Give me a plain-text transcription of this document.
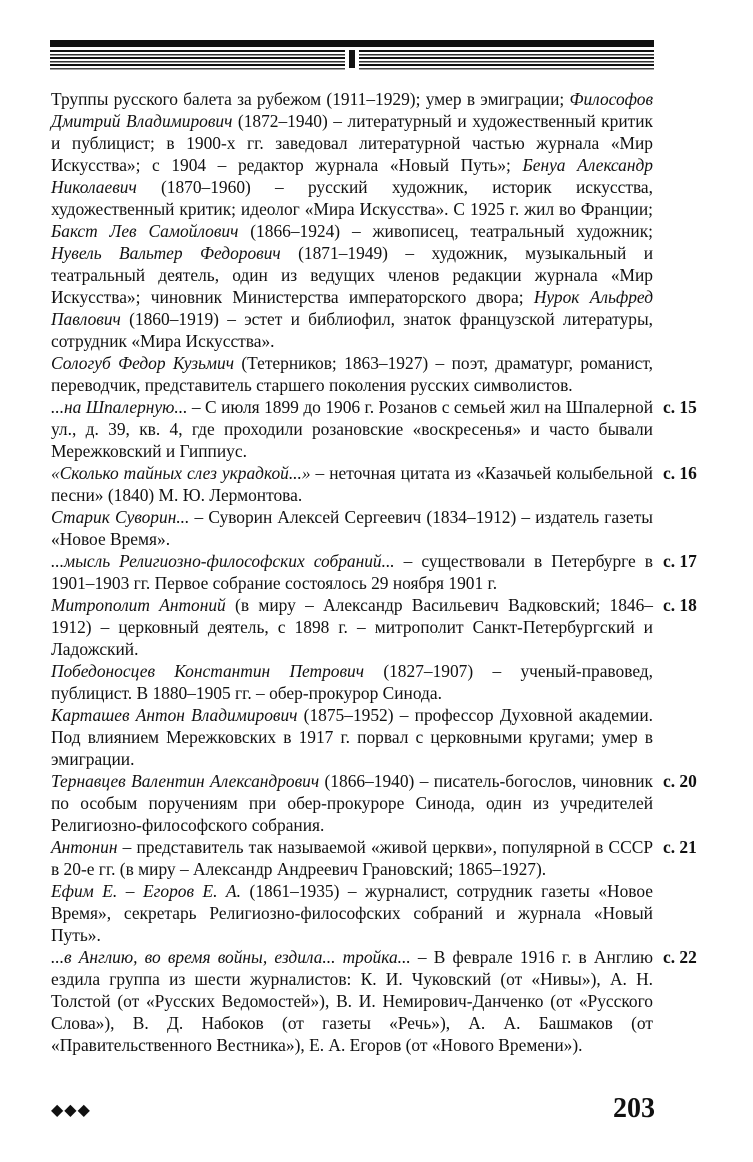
Труппы русского балета за рубежом (1911–1929); умер в эмиграции; Философов Дмитрий Владимирович (1872–1940) – литературный и художественный критик и публицист; в 1900-х гг. заведовал литературной частью журнала «Мир Искусства»; с 1904 – редактор журнала «Новый Путь»; Бенуа Александр Николаевич (1870–1960) – русский художник, историк искусства, художественный критик; идеолог «Мира Искусства». С 1925 г. жил во Франции; Бакст Лев Самойлович (1866–1924) – живописец, театральный художник; Нувель Вальтер Федорович (1871–1949) – художник, музыкальный и театральный деятель, один из ведущих членов редакции журнала «Мир Искусства»; чиновник Министерства императорского двора; Нурок Альфред Павлович (1860–1919) – эстет и библиофил, знаток французской литературы, сотрудник «Мира Искусства».
Сологуб Федор Кузьмич (Тетерников; 1863–1927) – поэт, драматург, романист, переводчик, представитель старшего поколения русских символистов.
...на Шпалерную... – С июля 1899 до 1906 г. Розанов с семьей жил на Шпалерной ул., д. 39, кв. 4, где проходили розановские «воскресенья» и часто бывали Мережковский и Гиппиус.
с. 15
«Сколько тайных слез украдкой...» – неточная цитата из «Казачьей колыбельной песни» (1840) М. Ю. Лермонтова.
с. 16
Старик Суворин... – Суворин Алексей Сергеевич (1834–1912) – издатель газеты «Новое Время».
...мысль Религиозно-философских собраний... – существовали в Петербурге в 1901–1903 гг. Первое собрание состоялось 29 ноября 1901 г.
с. 17
Митрополит Антоний (в миру – Александр Васильевич Вадковский; 1846–1912) – церковный деятель, с 1898 г. – митрополит Санкт-Петербургский и Ладожский.
с. 18
Победоносцев Константин Петрович (1827–1907) – ученый-правовед, публицист. В 1880–1905 гг. – обер-прокурор Синода.
Карташев Антон Владимирович (1875–1952) – профессор Духовной академии. Под влиянием Мережковских в 1917 г. порвал с церковными кругами; умер в эмиграции.
Тернавцев Валентин Александрович (1866–1940) – писатель-богослов, чиновник по особым поручениям при обер-прокуроре Синода, один из учредителей Религиозно-философского собрания.
с. 20
Антонин – представитель так называемой «живой церкви», популярной в СССР в 20-е гг. (в миру – Александр Андреевич Грановский; 1865–1927).
с. 21
Ефим Е. – Егоров Е. А. (1861–1935) – журналист, сотрудник газеты «Новое Время», секретарь Религиозно-философских собраний и журнала «Новый Путь».
...в Англию, во время войны, ездила... тройка... – В феврале 1916 г. в Англию ездила группа из шести журналистов: К. И. Чуковский (от «Нивы»), А. Н. Толстой (от «Русских Ведомостей»), В. И. Немирович-Данченко (от «Русского Слова»), В. Д. Набоков (от газеты «Речь»), А. А. Башмаков (от «Правительственного Вестника»), Е. А. Егоров (от «Нового Времени»).
с. 22
◆◆◆	203
